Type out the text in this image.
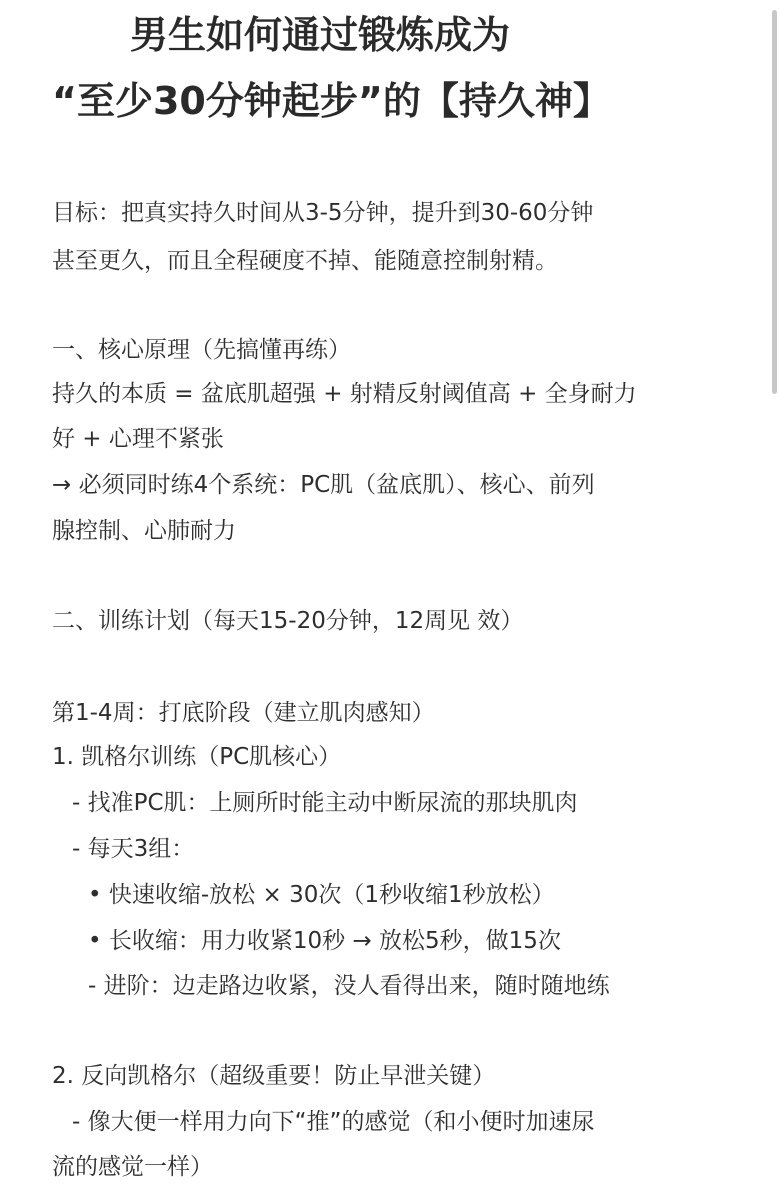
男生如何通过锻炼成为
“至少30分钟起步”的【持久神】
目标：把真实持久时间从3-5分钟，提升到30-60分钟
甚至更久，而且全程硬度不掉、能随意控制射精。
一、核心原理（先搞懂再练）
持久的本质 = 盆底肌超强 + 射精反射阈值高 + 全身耐力
好 + 心理不紧张
→ 必须同时练4个系统：PC肌（盆底肌）、核心、前列
腺控制、心肺耐力
二、训练计划（每天15-20分钟，12周见 效）
第1-4周：打底阶段（建立肌肉感知）
1. 凯格尔训练（PC肌核心）
- 找准PC肌：上厕所时能主动中断尿流的那块肌肉
- 每天3组：
• 快速收缩-放松 × 30次（1秒收缩1秒放松）
• 长收缩：用力收紧10秒 → 放松5秒，做15次
- 进阶：边走路边收紧，没人看得出来，随时随地练
2. 反向凯格尔（超级重要！防止早泄关键）
- 像大便一样用力向下“推”的感觉（和小便时加速尿
流的感觉一样）
